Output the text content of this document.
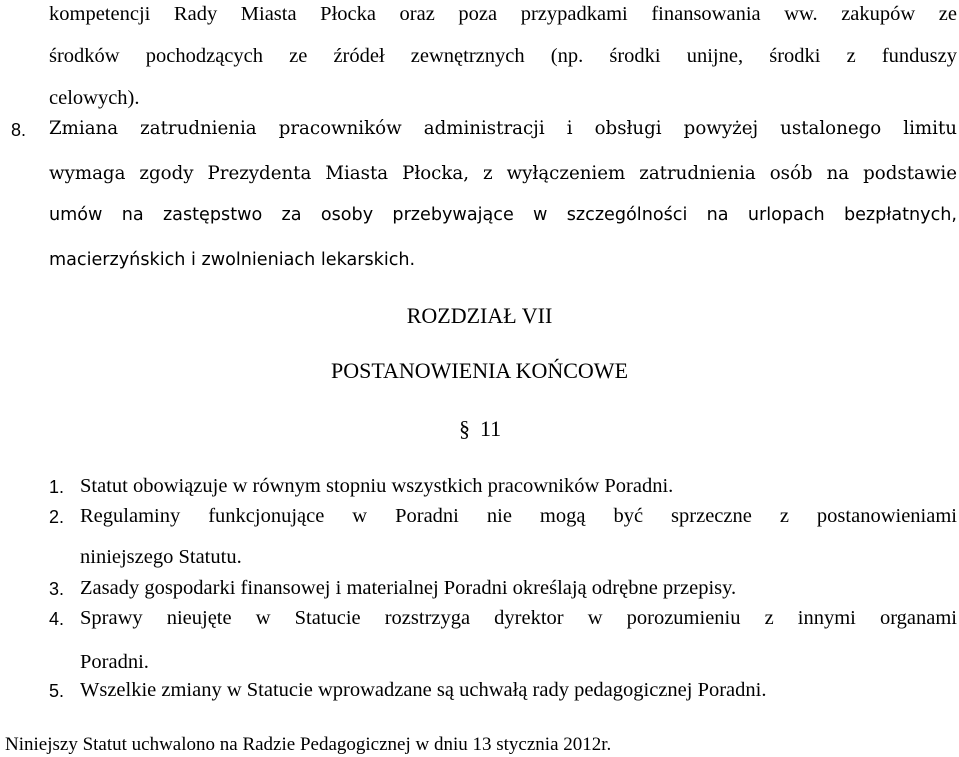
kompetencji Rady Miasta Płocka oraz poza przypadkami finansowania ww. zakupów ze
środków pochodzących ze źródeł zewnętrznych (np. środki unijne, środki z funduszy
celowych).
8. Zmiana zatrudnienia pracowników administracji i obsługi powyżej ustalonego limitu
wymaga zgody Prezydenta Miasta Płocka, z wyłączeniem zatrudnienia osób na podstawie
umów na zastępstwo za osoby przebywające w szczególności na urlopach bezpłatnych,
macierzyńskich i zwolnieniach lekarskich.
ROZDZIAŁ VII
POSTANOWIENIA KOŃCOWE
§ 11
1. Statut obowiązuje w równym stopniu wszystkich pracowników Poradni.
2. Regulaminy funkcjonujące w Poradni nie mogą być sprzeczne z postanowieniami
niniejszego Statutu.
3. Zasady gospodarki finansowej i materialnej Poradni określają odrębne przepisy.
4. Sprawy nieujęte w Statucie rozstrzyga dyrektor w porozumieniu z innymi organami
Poradni.
5. Wszelkie zmiany w Statucie wprowadzane są uchwałą rady pedagogicznej Poradni.
Niniejszy Statut uchwalono na Radzie Pedagogicznej w dniu 13 stycznia 2012r.
